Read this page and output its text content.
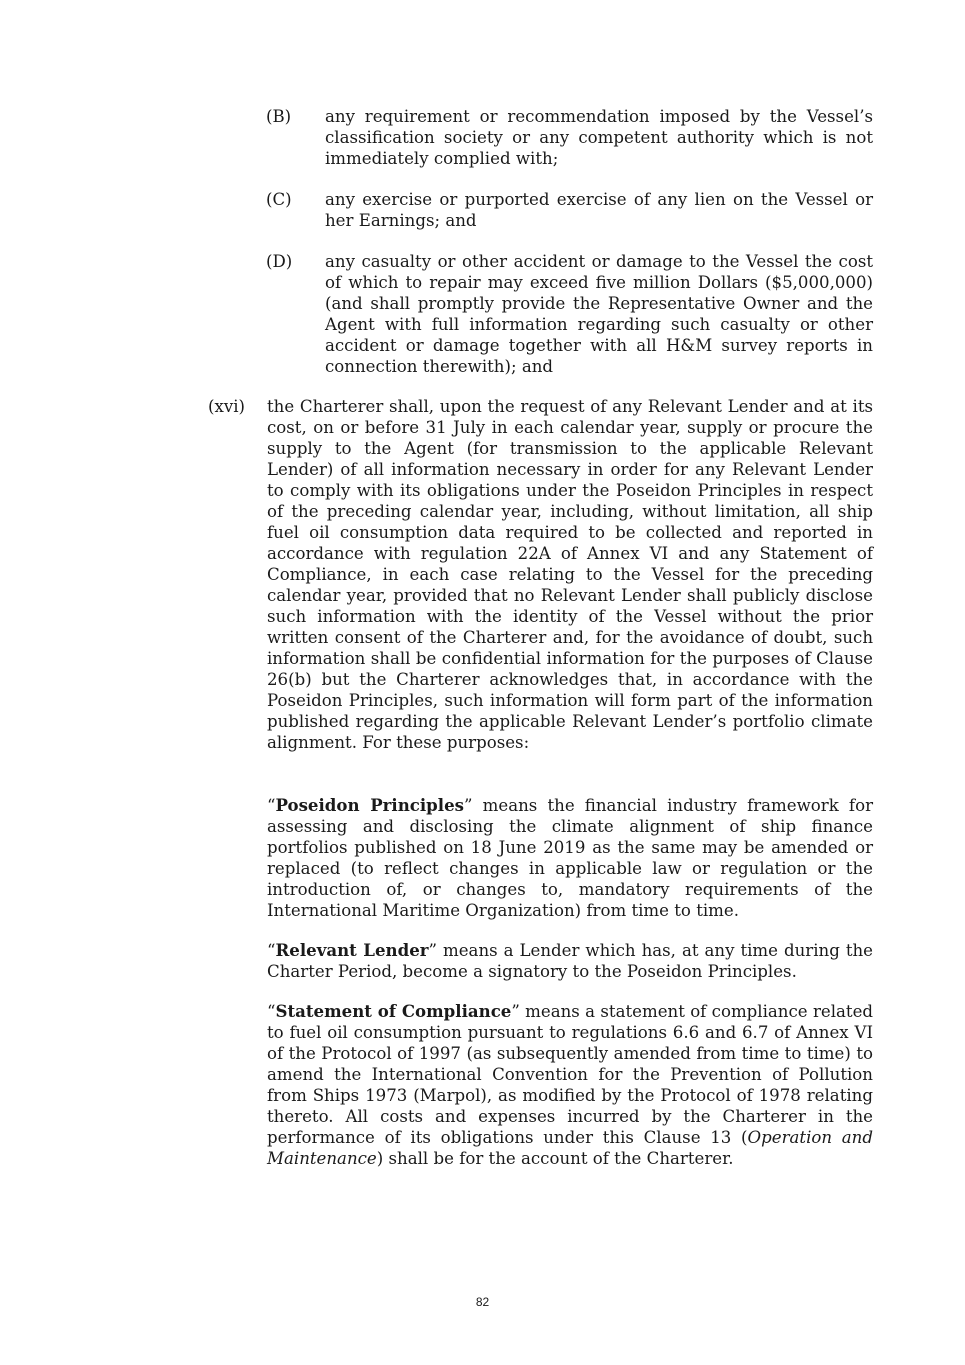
(B) any requirement or recommendation imposed by the Vessel’s classification society or any competent authority which is not immediately complied with;

(C) any exercise or purported exercise of any lien on the Vessel or her Earnings; and

(D) any casualty or other accident or damage to the Vessel the cost of which to repair may exceed five million Dollars ($5,000,000) (and shall promptly provide the Representative Owner and the Agent with full information regarding such casualty or other accident or damage together with all H&M survey reports in connection therewith); and

(xvi) the Charterer shall, upon the request of any Relevant Lender and at its cost, on or before 31 July in each calendar year, supply or procure the supply to the Agent (for transmission to the applicable Relevant Lender) of all information necessary in order for any Relevant Lender to comply with its obligations under the Poseidon Principles in respect of the preceding calendar year, including, without limitation, all ship fuel oil consumption data required to be collected and reported in accordance with regulation 22A of Annex VI and any Statement of Compliance, in each case relating to the Vessel for the preceding calendar year, provided that no Relevant Lender shall publicly disclose such information with the identity of the Vessel without the prior written consent of the Charterer and, for the avoidance of doubt, such information shall be confidential information for the purposes of Clause 26(b) but the Charterer acknowledges that, in accordance with the Poseidon Principles, such information will form part of the information published regarding the applicable Relevant Lender’s portfolio climate alignment. For these purposes:

“Poseidon Principles” means the financial industry framework for assessing and disclosing the climate alignment of ship finance portfolios published on 18 June 2019 as the same may be amended or replaced (to reflect changes in applicable law or regulation or the introduction of, or changes to, mandatory requirements of the International Maritime Organization) from time to time.

“Relevant Lender” means a Lender which has, at any time during the Charter Period, become a signatory to the Poseidon Principles.

“Statement of Compliance” means a statement of compliance related to fuel oil consumption pursuant to regulations 6.6 and 6.7 of Annex VI of the Protocol of 1997 (as subsequently amended from time to time) to amend the International Convention for the Prevention of Pollution from Ships 1973 (Marpol), as modified by the Protocol of 1978 relating thereto. All costs and expenses incurred by the Charterer in the performance of its obligations under this Clause 13 (Operation and Maintenance) shall be for the account of the Charterer.

82
